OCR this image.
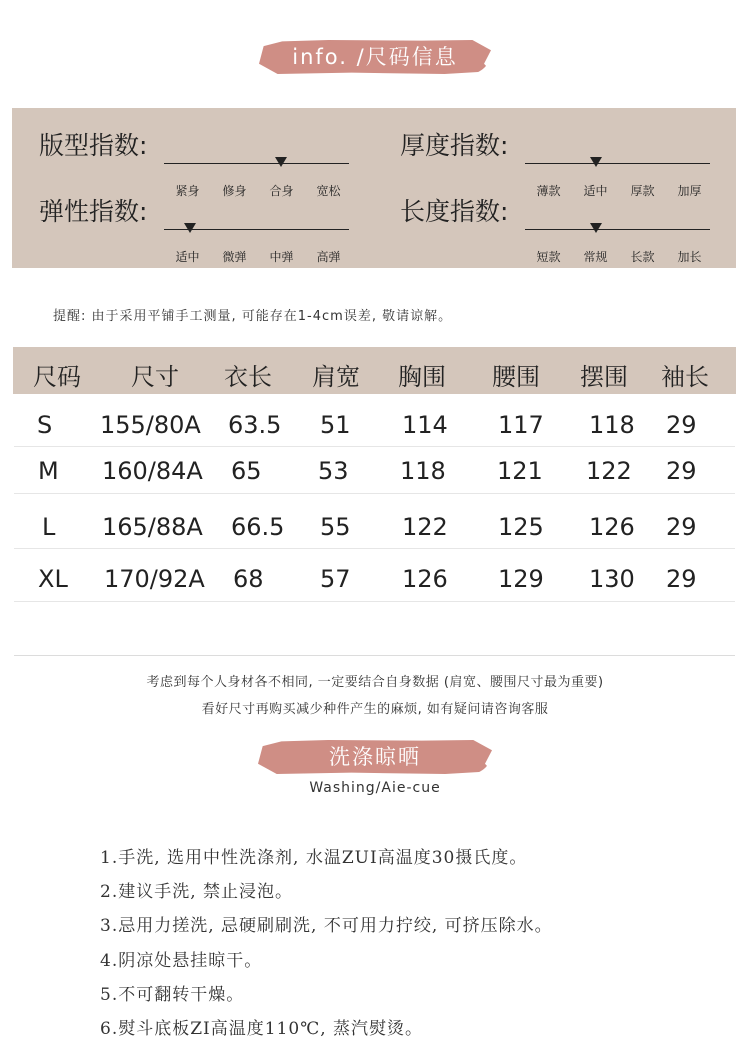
info. /尺码信息
版型指数:
紧身	修身	合身	宽松
厚度指数:
薄款	适中	厚款	加厚
弹性指数:
适中	微弹	中弹	高弹
长度指数:
短款	常规	长款	加长

提醒: 由于采用平铺手工测量, 可能存在1-4cm误差, 敬请谅解。

尺码 尺寸 衣长 肩宽 胸围 腰围 摆围 袖长
S 155/80A 63.5 51 114 117 118 29
M 160/84A 65 53 118 121 122 29
L 165/88A 66.5 55 122 125 126 29
XL 170/92A 68 57 126 129 130 29

考虑到每个人身材各不相同, 一定要结合自身数据 (肩宽、腰围尺寸最为重要)

看好尺寸再购买减少种件产生的麻烦, 如有疑问请咨询客服

洗涤晾晒

Washing/Aie-cue

1.手洗, 选用中性洗涤剂, 水温ZUI高温度30摄氏度。

2.建议手洗, 禁止浸泡。

3.忌用力搓洗, 忌硬刷刷洗, 不可用力拧绞, 可挤压除水。

4.阴凉处悬挂晾干。

5.不可翻转干燥。

6.熨斗底板ZI高温度110℃, 蒸汽熨烫。
